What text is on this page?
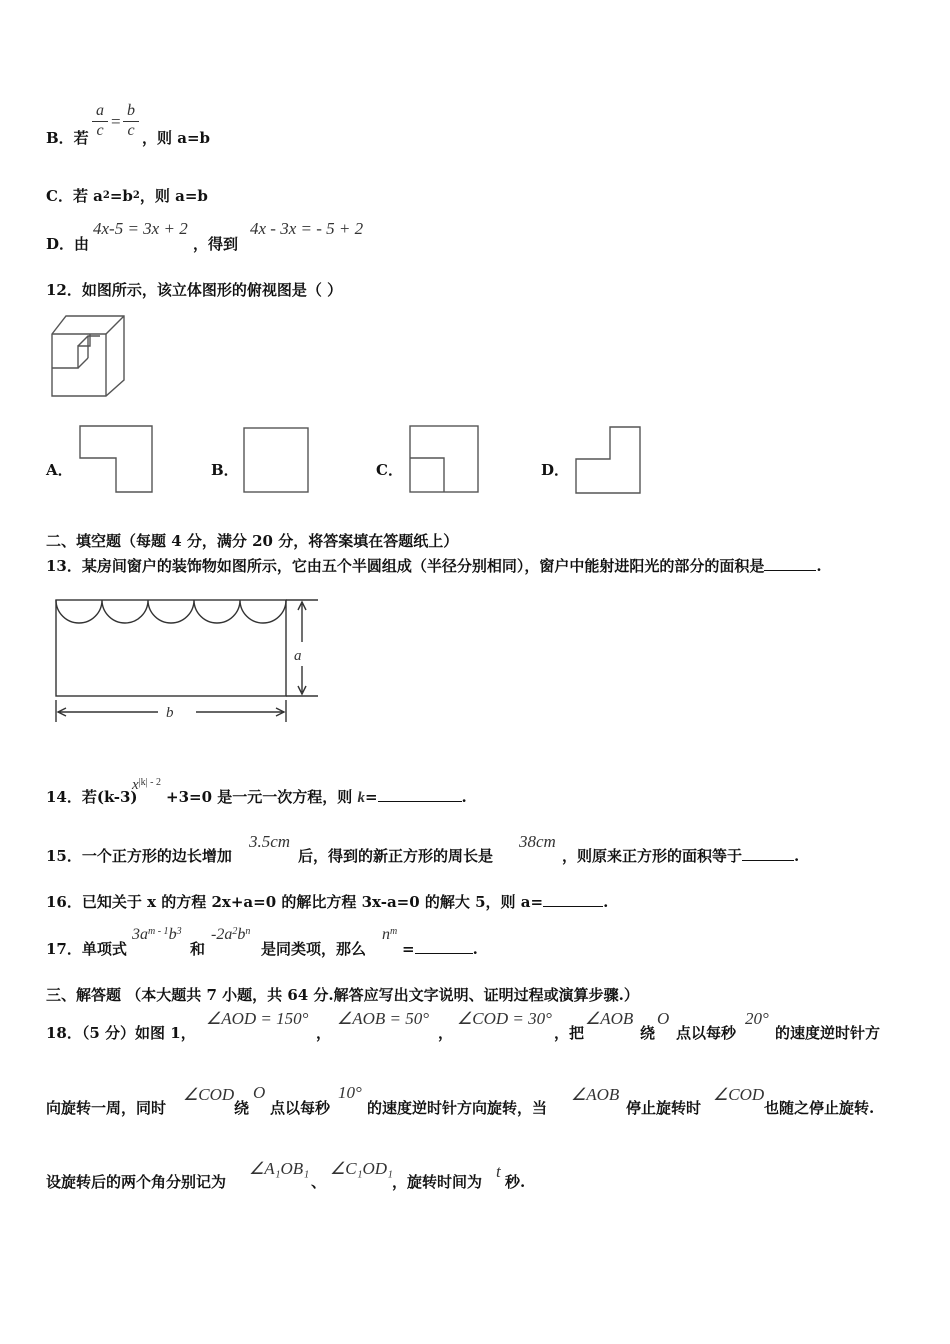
B．若 $\frac{a}{c} = \frac{b}{c}$ ，则 a=b
C．若 $a^2=b^2$，则 a=b
D．由
4x-5 = 3x + 2
，得到
4x - 3x = - 5 + 2
12．如图所示，该立体图形的俯视图是（ ）
A．	B．	C．	D．
二、填空题（每题 4 分，满分 20 分，将答案填在答题纸上）
13．某房间窗户的装饰物如图所示，它由五个半圆组成（半径分别相同），窗户中能射进阳光的部分的面积是	.
a
b
14．若(k-3)
$x^{|k| - 2}$
+3=0 是一元一次方程，则 k=	.
15．一个正方形的边长增加
3.5cm
后，得到的新正方形的周长是
38cm
，则原来正方形的面积等于	.
16．已知关于 x 的方程 2x+a=0 的解比方程 3x-a=0 的解大 5，则 a=	.
17．单项式
$3a^{m - 1}b^3$
和
$-2a^2b^n$
是同类项，那么
$n^m$
=	.
三、解答题 （本大题共 7 小题，共 64 分.解答应写出文字说明、证明过程或演算步骤.）
18．（5 分）如图 1，
∠AOD = 150°
，
∠AOB = 50°
，
∠COD = 30°
，把
∠AOB
绕
O
点以每秒
20°
的速度逆时针方
向旋转一周，同时
∠COD
绕
O
点以每秒
10°
的速度逆时针方向旋转，当
∠AOB
停止旋转时
∠COD
也随之停止旋转.
设旋转后的两个角分别记为
∠A₁OB₁
、
∠C₁OD₁
，旋转时间为
t
秒.
